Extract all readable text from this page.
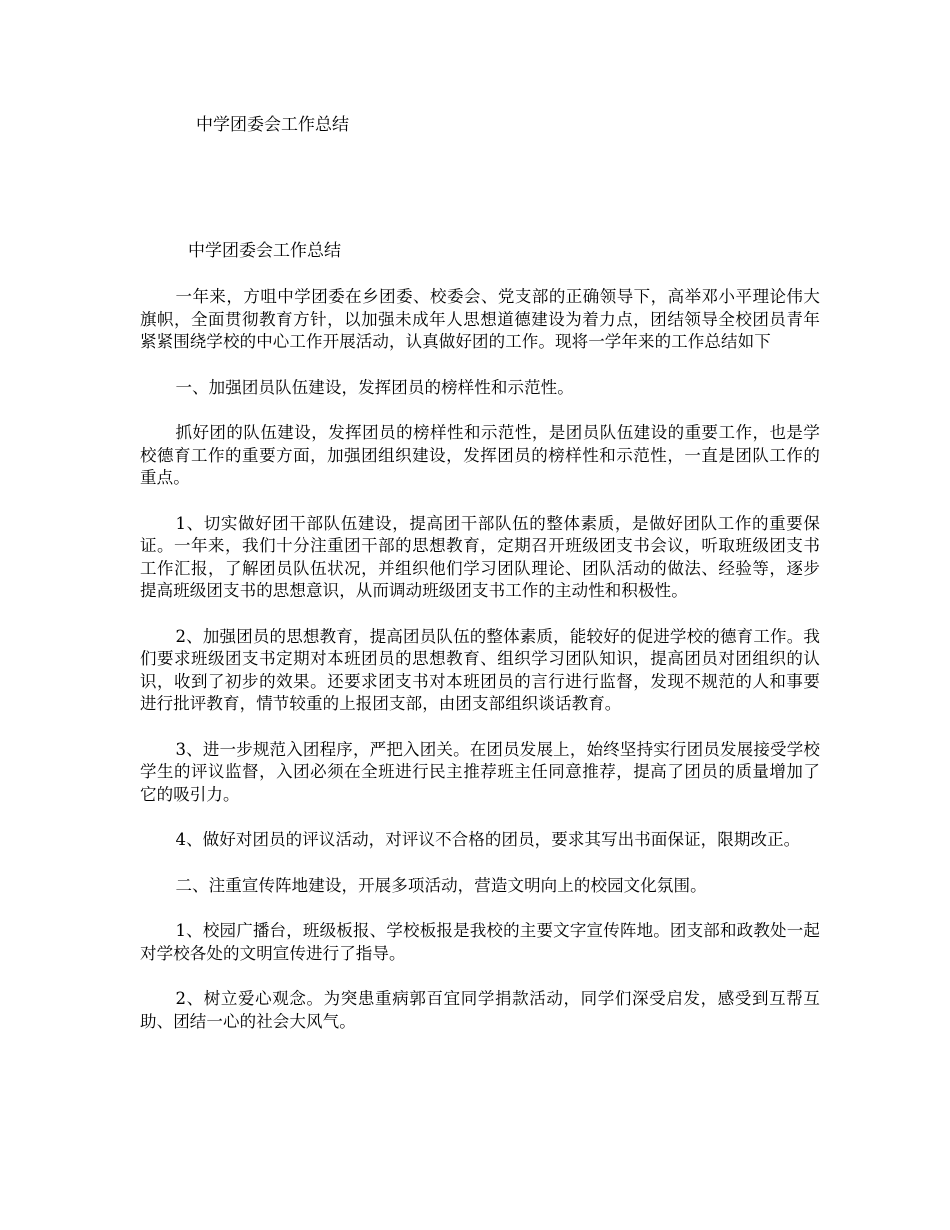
中学团委会工作总结
中学团委会工作总结

一年来，方咀中学团委在乡团委、校委会、党支部的正确领导下，高举邓小平理论伟大旗帜，全面贯彻教育方针，以加强未成年人思想道德建设为着力点，团结领导全校团员青年紧紧围绕学校的中心工作开展活动，认真做好团的工作。现将一学年来的工作总结如下

一、加强团员队伍建设，发挥团员的榜样性和示范性。

抓好团的队伍建设，发挥团员的榜样性和示范性，是团员队伍建设的重要工作，也是学校德育工作的重要方面，加强团组织建设，发挥团员的榜样性和示范性，一直是团队工作的重点。

1、切实做好团干部队伍建设，提高团干部队伍的整体素质，是做好团队工作的重要保证。一年来，我们十分注重团干部的思想教育，定期召开班级团支书会议，听取班级团支书工作汇报，了解团员队伍状况，并组织他们学习团队理论、团队活动的做法、经验等，逐步提高班级团支书的思想意识，从而调动班级团支书工作的主动性和积极性。

2、加强团员的思想教育，提高团员队伍的整体素质，能较好的促进学校的德育工作。我们要求班级团支书定期对本班团员的思想教育、组织学习团队知识，提高团员对团组织的认识，收到了初步的效果。还要求团支书对本班团员的言行进行监督，发现不规范的人和事要进行批评教育，情节较重的上报团支部，由团支部组织谈话教育。

3、进一步规范入团程序，严把入团关。在团员发展上，始终坚持实行团员发展接受学校学生的评议监督，入团必须在全班进行民主推荐班主任同意推荐，提高了团员的质量增加了它的吸引力。

4、做好对团员的评议活动，对评议不合格的团员，要求其写出书面保证，限期改正。

二、注重宣传阵地建设，开展多项活动，营造文明向上的校园文化氛围。

1、校园广播台，班级板报、学校板报是我校的主要文字宣传阵地。团支部和政教处一起对学校各处的文明宣传进行了指导。

2、树立爱心观念。为突患重病郭百宜同学捐款活动，同学们深受启发，感受到互帮互助、团结一心的社会大风气。
